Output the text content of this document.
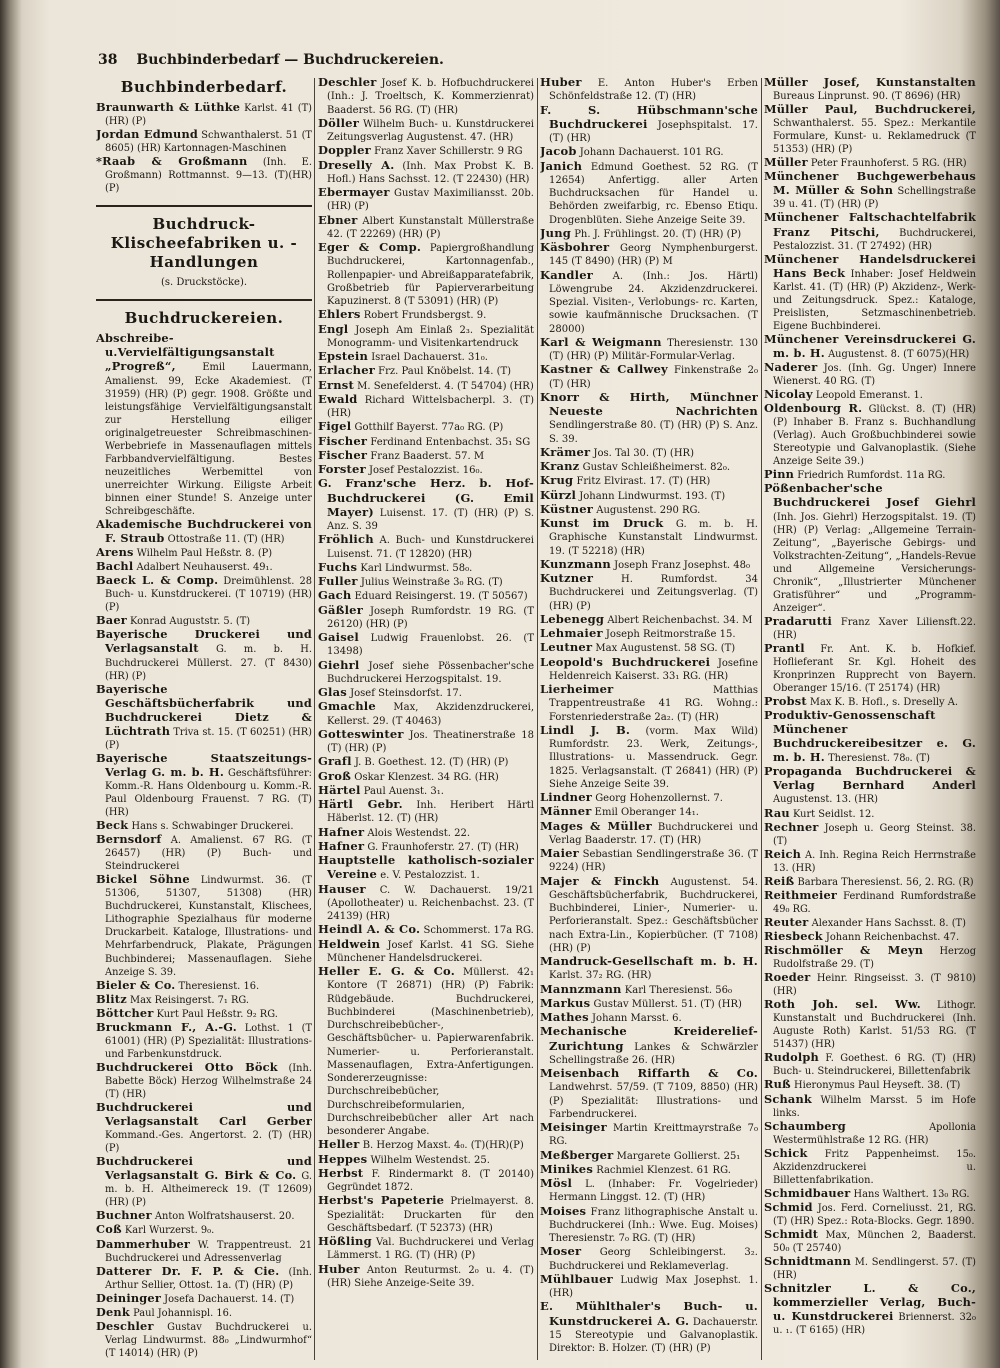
38 Buchbinderbedarf — Buchdruckereien.
Buchbinderbedarf.
Braunwarth & Lüthke Karlst. 41 (T) (HR) (P)
Jordan Edmund Schwanthalerst. 51 (T 8605) (HR) Kartonnagen-Maschinen
*Raab & Großmann (Inh. E. Großmann) Rottmannst. 9—13. (T)(HR)(P)
Buchdruck-Klischeefabriken u. -Handlungen
(s. Druckstöcke).
Buchdruckereien.
Abschreibe-u.Vervielfältigungsanstalt „Progreß“,	Emil Lauermann, Amalienst. 99, Ecke Akademiest. (T 31959) (HR) (P) gegr. 1908. Größte und leistungsfähige Vervielfältigungsanstalt zur Herstellung eiliger originalgetreuester Schreibmaschinen-Werbebriefe in Massenauflagen mittels Farbbandvervielfältigung. Bestes neuzeitliches Werbemittel von unerreichter Wirkung. Eiligste Arbeit binnen einer Stunde! S. Anzeige unter Schreibgeschäfte.
Akademische Buchdruckerei von F. Straub Ottostraße 11. (T) (HR)
Arens Wilhelm Paul Heßstr. 8. (P)
Bachl Adalbert Neuhauserst. 49₁.
Baeck L. & Comp. Dreimühlenst. 28 Buch- u. Kunstdruckerei. (T 10719) (HR) (P)
Baer Konrad Auguststr. 5. (T)
Bayerische Druckerei und Verlagsanstalt G. m. b. H. Buchdruckerei Müllerst. 27. (T 8430) (HR) (P)
Bayerische Geschäftsbücherfabrik und Buchdruckerei Dietz & Lüchtrath Triva st. 15. (T 60251) (HR) (P)
Bayerische Staatszeitungs-Verlag G. m. b. H. Geschäftsführer: Komm.-R. Hans Oldenbourg u. Komm.-R. Paul Oldenbourg Frauenst. 7 RG. (T) (HR)
Beck Hans s. Schwabinger Druckerei.
Bernsdorf A. Amalienst. 67 RG. (T 26457) (HR) (P) Buch- und Steindruckerei
Bickel Söhne Lindwurmst. 36. (T 51306, 51307, 51308) (HR) Buchdruckerei, Kunstanstalt, Klischees, Lithographie Spezialhaus für moderne Druckarbeit. Kataloge, Illustrations- und Mehrfarbendruck, Plakate, Prägungen Buchbinderei; Massenauflagen. Siehe Anzeige S. 39.
Bieler & Co. Theresienst. 16.
Blitz Max Reisingerst. 7₁ RG.
Böttcher Kurt Paul Heßstr. 9₂ RG.
Bruckmann F., A.-G. Lothst. 1 (T 61001) (HR) (P) Spezialität: Illustrations- und Farbenkunstdruck.
Buchdruckerei Otto Böck (Inh. Babette Böck) Herzog Wilhelmstraße 24 (T) (HR)
Buchdruckerei und Verlagsanstalt Carl Gerber Kommand.-Ges. Angertorst. 2. (T) (HR) (P)
Buchdruckerei und Verlagsanstalt G. Birk & Co. G. m. b. H. Altheimereck 19. (T 12609) (HR) (P)
Buchner Anton Wolfratshauserst. 20.
Coß Karl Wurzerst. 9₀.
Dammerhuber W. Trappentreust. 21 Buchdruckerei und Adressenverlag
Datterer Dr. F. P. & Cie. (Inh. Arthur Sellier, Ottost. 1a. (T) (HR) (P)
Deininger Josefa Dachauerst. 14. (T)
Denk Paul Johannispl. 16.
Deschler Gustav Buchdruckerei u. Verlag Lindwurmst. 88₀ „Lindwurmhof“ (T 14014) (HR) (P)
Deschler Josef K. b. Hofbuchdruckerei (Inh.: J. Troeltsch, K. Kommerzienrat) Baaderst. 56 RG. (T) (HR)
Döller Wilhelm Buch- u. Kunstdruckerei Zeitungsverlag Augustenst. 47. (HR)
Doppler Franz Xaver Schillerstr. 9 RG
Dreselly A. (Inh. Max Probst K. B. Hofl.) Hans Sachsst. 12. (T 22430) (HR)
Ebermayer Gustav Maximiliansst. 20b. (HR) (P)
Ebner Albert Kunstanstalt Müllerstraße 42. (T 22269) (HR) (P)
Eger & Comp. Papiergroßhandlung Buchdruckerei, Kartonnagenfab., Rollenpapier- und Abreißapparatefabrik, Großbetrieb für Papierverarbeitung Kapuzinerst. 8 (T 53091) (HR) (P)
Ehlers Robert Frundsbergst. 9.
Engl Joseph Am Einlaß 2₃. Spezialität Monogramm- und Visitenkartendruck
Epstein Israel Dachauerst. 31₀.
Erlacher Frz. Paul Knöbelst. 14. (T)
Ernst M. Senefelderst. 4. (T 54704) (HR)
Ewald Richard Wittelsbacherpl. 3. (T) (HR)
Figel Gotthilf Bayerst. 77a₀ RG. (P)
Fischer Ferdinand Entenbachst. 35₁ SG
Fischer Franz Baaderst. 57. M
Forster Josef Pestalozzist. 16₀.
G. Franz'sche Herz. b. Hof-Buchdruckerei (G. Emil Mayer) Luisenst. 17. (T) (HR) (P) S. Anz. S. 39
Fröhlich A. Buch- und Kunstdruckerei Luisenst. 71. (T 12820) (HR)
Fuchs Karl Lindwurmst. 58₀.
Fuller Julius Weinstraße 3₀ RG. (T)
Gach Eduard Reisingerst. 19. (T 50567)
Gäßler Joseph Rumfordstr. 19 RG. (T 26120) (HR) (P)
Gaisel Ludwig Frauenlobst. 26. (T 13498)
Giehrl Josef siehe Pössenbacher'sche Buchdruckerei Herzogspitalst. 19.
Glas Josef Steinsdorfst. 17.
Gmachle Max, Akzidenzdruckerei, Kellerst. 29. (T 40463)
Gotteswinter Jos. Theatinerstraße 18 (T) (HR) (P)
Grafl J. B. Goethest. 12. (T) (HR) (P)
Groß Oskar Klenzest. 34 RG. (HR)
Härtel Paul Auenst. 3₁.
Härtl Gebr. Inh. Heribert Härtl Häberlst. 12. (T) (HR)
Hafner Alois Westendst. 22.
Hafner G. Fraunhoferstr. 27. (T) (HR)
Hauptstelle katholisch-sozialer Vereine e. V. Pestalozzist. 1.
Hauser C. W. Dachauerst. 19/21 (Apollotheater) u. Reichenbachst. 23. (T 24139) (HR)
Heindl A. & Co. Schommerst. 17a RG.
Heldwein Josef Karlst. 41 SG. Siehe Münchener Handelsdruckerei.
Heller E. G. & Co. Müllerst. 42₁ Kontore (T 26871) (HR) (P) Fabrik: Rüdgebäude. Buchdruckerei, Buchbinderei (Maschinenbetrieb), Durchschreibebücher-, Geschäftsbücher- u. Papierwarenfabrik. Numerier- u. Perforieranstalt. Massenauflagen, Extra-Anfertigungen. Sondererzeugnisse: Durchschreibebücher, Durchschreibeformularien, Durchschreibebücher aller Art nach besonderer Angabe.
Heller B. Herzog Maxst. 4₀. (T)(HR)(P)
Heppes Wilhelm Westendst. 25.
Herbst F. Rindermarkt 8. (T 20140) Gegründet 1872.
Herbst's Papeterie Prielmayerst. 8. Spezialität: Druckarten für den Geschäftsbedarf. (T 52373) (HR)
Hößling Val. Buchdruckerei und Verlag Lämmerst. 1 RG. (T) (HR) (P)
Huber Anton Reuturmst. 2₀ u. 4. (T) (HR) Siehe Anzeige-Seite 39.
Huber E. Anton Huber's Erben Schönfeldstraße 12. (T) (HR)
F. S. Hübschmann'sche Buchdruckerei Josephspitalst. 17. (T) (HR)
Jacob Johann Dachauerst. 101 RG.
Janich Edmund Goethest. 52 RG. (T 12654) Anfertigg. aller Arten Buchdrucksachen für Handel u. Behörden zweifarbig, rc. Ebenso Etiqu. Drogenblüten. Siehe Anzeige Seite 39.
Jung Ph. J. Frühlingst. 20. (T) (HR) (P)
Käsbohrer Georg Nymphenburgerst. 145 (T 8490) (HR) (P) M
Kandler A. (Inh.: Jos. Härtl) Löwengrube 24. Akzidenzdruckerei. Spezial. Visiten-, Verlobungs- rc. Karten, sowie kaufmännische Drucksachen. (T 28000)
Karl & Weigmann Theresienstr. 130 (T) (HR) (P) Militär-Formular-Verlag.
Kastner & Callwey Finkenstraße 2₀ (T) (HR)
Knorr & Hirth, Münchner Neueste Nachrichten Sendlingerstraße 80. (T) (HR) (P) S. Anz. S. 39.
Krämer Jos. Tal 30. (T) (HR)
Kranz Gustav Schleißheimerst. 82₀.
Krug Fritz Elvirast. 17. (T) (HR)
Kürzl Johann Lindwurmst. 193. (T)
Küstner Augustenst. 290 RG.
Kunst im Druck G. m. b. H. Graphische Kunstanstalt Lindwurmst. 19. (T 52218) (HR)
Kunzmann Joseph Franz Josephst. 48₀
Kutzner	H. Rumfordst. 34 Buchdruckerei und Zeitungsverlag. (T) (HR) (P)
Lebenegg Albert Reichenbachst. 34. M
Lehmaier Joseph Reitmorstraße 15.
Leutner Max Augustenst. 58 SG. (T)
Leopold's Buchdruckerei Josefine Heldenreich Kaiserst. 33₁ RG. (HR)
Lierheimer	Matthias Trappentreustraße 41 RG. Wohng.: Forstenriederstraße 2a₂. (T) (HR)
Lindl J. B. (vorm. Max Wild) Rumfordstr. 23. Werk, Zeitungs-, Illustrations- u. Massendruck. Gegr. 1825. Verlagsanstalt. (T 26841) (HR) (P) Siehe Anzeige Seite 39.
Lindner Georg Hohenzollernst. 7.
Männer Emil Oberanger 14₁.
Mages & Müller Buchdruckerei und Verlag Baaderstr. 17. (T) (HR)
Maier Sebastian Sendlingerstraße 36. (T 9224) (HR)
Majer & Finckh Augustenst. 54. Geschäftsbücherfabrik, Buchdruckerei, Buchbinderei, Linier-, Numerier- u. Perforieranstalt. Spez.: Geschäftsbücher nach Extra-Lin., Kopierbücher. (T 7108) (HR) (P)
Mandruck-Gesellschaft m. b. H. Karlst. 37₂ RG. (HR)
Mannzmann Karl Theresienst. 56₀
Markus Gustav Müllerst. 51. (T) (HR)
Mathes Johann Marsst. 6.
Mechanische Kreiderelief-Zurichtung Lankes & Schwärzler Schellingstraße 26. (HR)
Meisenbach Riffarth & Co. Landwehrst. 57/59. (T 7109, 8850) (HR) (P) Spezialität: Illustrations- und Farbendruckerei.
Meisinger Martin Kreittmayrstraße 7₀ RG.
Meßberger Margarete Gollierst. 25₁
Minikes Rachmiel Klenzest. 61 RG.
Mösl L. (Inhaber: Fr. Vogelrieder) Hermann Linggst. 12. (T) (HR)
Moises Franz lithographische Anstalt u. Buchdruckerei (Inh.: Wwe. Eug. Moises) Theresienstr. 7₀ RG. (T) (HR)
Moser Georg Schleibingerst. 3₂. Buchdruckerei und Reklameverlag.
Mühlbauer Ludwig Max Josephst. 1. (HR)
E. Mühlthaler's Buch- u. Kunstdruckerei A. G. Dachauerstr. 15 Stereotypie und Galvanoplastik. Direktor: B. Holzer. (T) (HR) (P)
Müller Josef, Kunstanstalten Bureaus Linprunst. 90. (T 8696) (HR)
Müller Paul, Buchdruckerei, Schwanthalerst. 55. Spez.: Merkantile Formulare, Kunst- u. Reklamedruck (T 51353) (HR) (P)
Müller Peter Fraunhoferst. 5 RG. (HR)
Münchener Buchgewerbehaus M. Müller & Sohn Schellingstraße 39 u. 41. (T) (HR) (P)
Münchener Faltschachtelfabrik Franz Pitschi, Buchdruckerei, Pestalozzist. 31. (T 27492) (HR)
Münchener Handelsdruckerei Hans Beck Inhaber: Josef Heldwein Karlst. 41. (T) (HR) (P) Akzidenz-, Werk- und Zeitungsdruck. Spez.: Kataloge, Preislisten, Setzmaschinenbetrieb. Eigene Buchbinderei.
Münchener Vereinsdruckerei G. m. b. H. Augustenst. 8. (T 6075)(HR)
Naderer Jos. (Inh. Gg. Unger) Innere Wienerst. 40 RG. (T)
Nicolay Leopold Emeranst. 1.
Oldenbourg R. Glückst. 8. (T) (HR) (P) Inhaber B. Franz s. Buchhandlung (Verlag). Auch Großbuchbinderei sowie Stereotypie und Galvanoplastik. (Siehe Anzeige Seite 39.)
Pinn Friedrich Rumfordst. 11a RG.
Pößenbacher'sche Buchdruckerei Josef Giehrl (Inh. Jos. Giehrl) Herzogspitalst. 19. (T) (HR) (P) Verlag: „Allgemeine Terrain-Zeitung“, „Bayerische Gebirgs- und Volkstrachten-Zeitung“, „Handels-Revue und Allgemeine Versicherungs-Chronik“, „Illustrierter Münchener Gratisführer“ und „Programm-Anzeiger“.
Pradarutti Franz Xaver Liliensft.22.(HR)
Prantl Fr. Ant. K. b. Hofkief. Hoflieferant Sr. Kgl. Hoheit des Kronprinzen Rupprecht von Bayern. Oberanger 15/16. (T 25174) (HR)
Probst Max K. B. Hofl., s. Dreselly A.
Produktiv-Genossenschaft Münchener Buchdruckereibesitzer e. G. m. b. H. Theresienst. 78₀. (T)
Propaganda Buchdruckerei & Verlag Bernhard Anderl Augustenst. 13. (HR)
Rau Kurt Seidlst. 12.
Rechner Joseph u. Georg Steinst. 38. (T)
Reich A. Inh. Regina Reich Herrnstraße 13. (HR)
Reiß Barbara Theresienst. 56, 2. RG. (R)
Reithmeier Ferdinand Rumfordstraße 49₀ RG.
Reuter Alexander Hans Sachsst. 8. (T)
Riesbeck Johann Reichenbachst. 47.
Rischmöller & Meyn Herzog Rudolfstraße 29. (T)
Roeder Heinr. Ringseisst. 3. (T 9810) (HR)
Roth Joh. sel. Ww. Lithogr. Kunstanstalt und Buchdruckerei (Inh. Auguste Roth) Karlst. 51/53 RG. (T 51437) (HR)
Rudolph F. Goethest. 6 RG. (T) (HR) Buch- u. Steindruckerei, Billettenfabrik
Ruß Hieronymus Paul Heyseft. 38. (T)
Schank Wilhelm Marsst. 5 im Hofe links.
Schaumberg	Apollonia Westermühlstraße 12 RG. (HR)
Schick Fritz Pappenheimst. 15₀. Akzidenzdruckerei u. Billettenfabrikation.
Schmidbauer Hans Walthert. 13₀ RG.
Schmid Jos. Ferd. Corneliusst. 21, RG. (T) (HR) Spez.: Rota-Blocks. Gegr. 1890.
Schmidt Max, München 2, Baaderst. 50₀ (T 25740)
Schnidtmann M. Sendlingerst. 57. (T) (HR)
Schnitzler L. & Co., kommerzieller Verlag, Buch- u. Kunstdruckerei Briennerst. 32₀ u. ₁. (T 6165) (HR)
